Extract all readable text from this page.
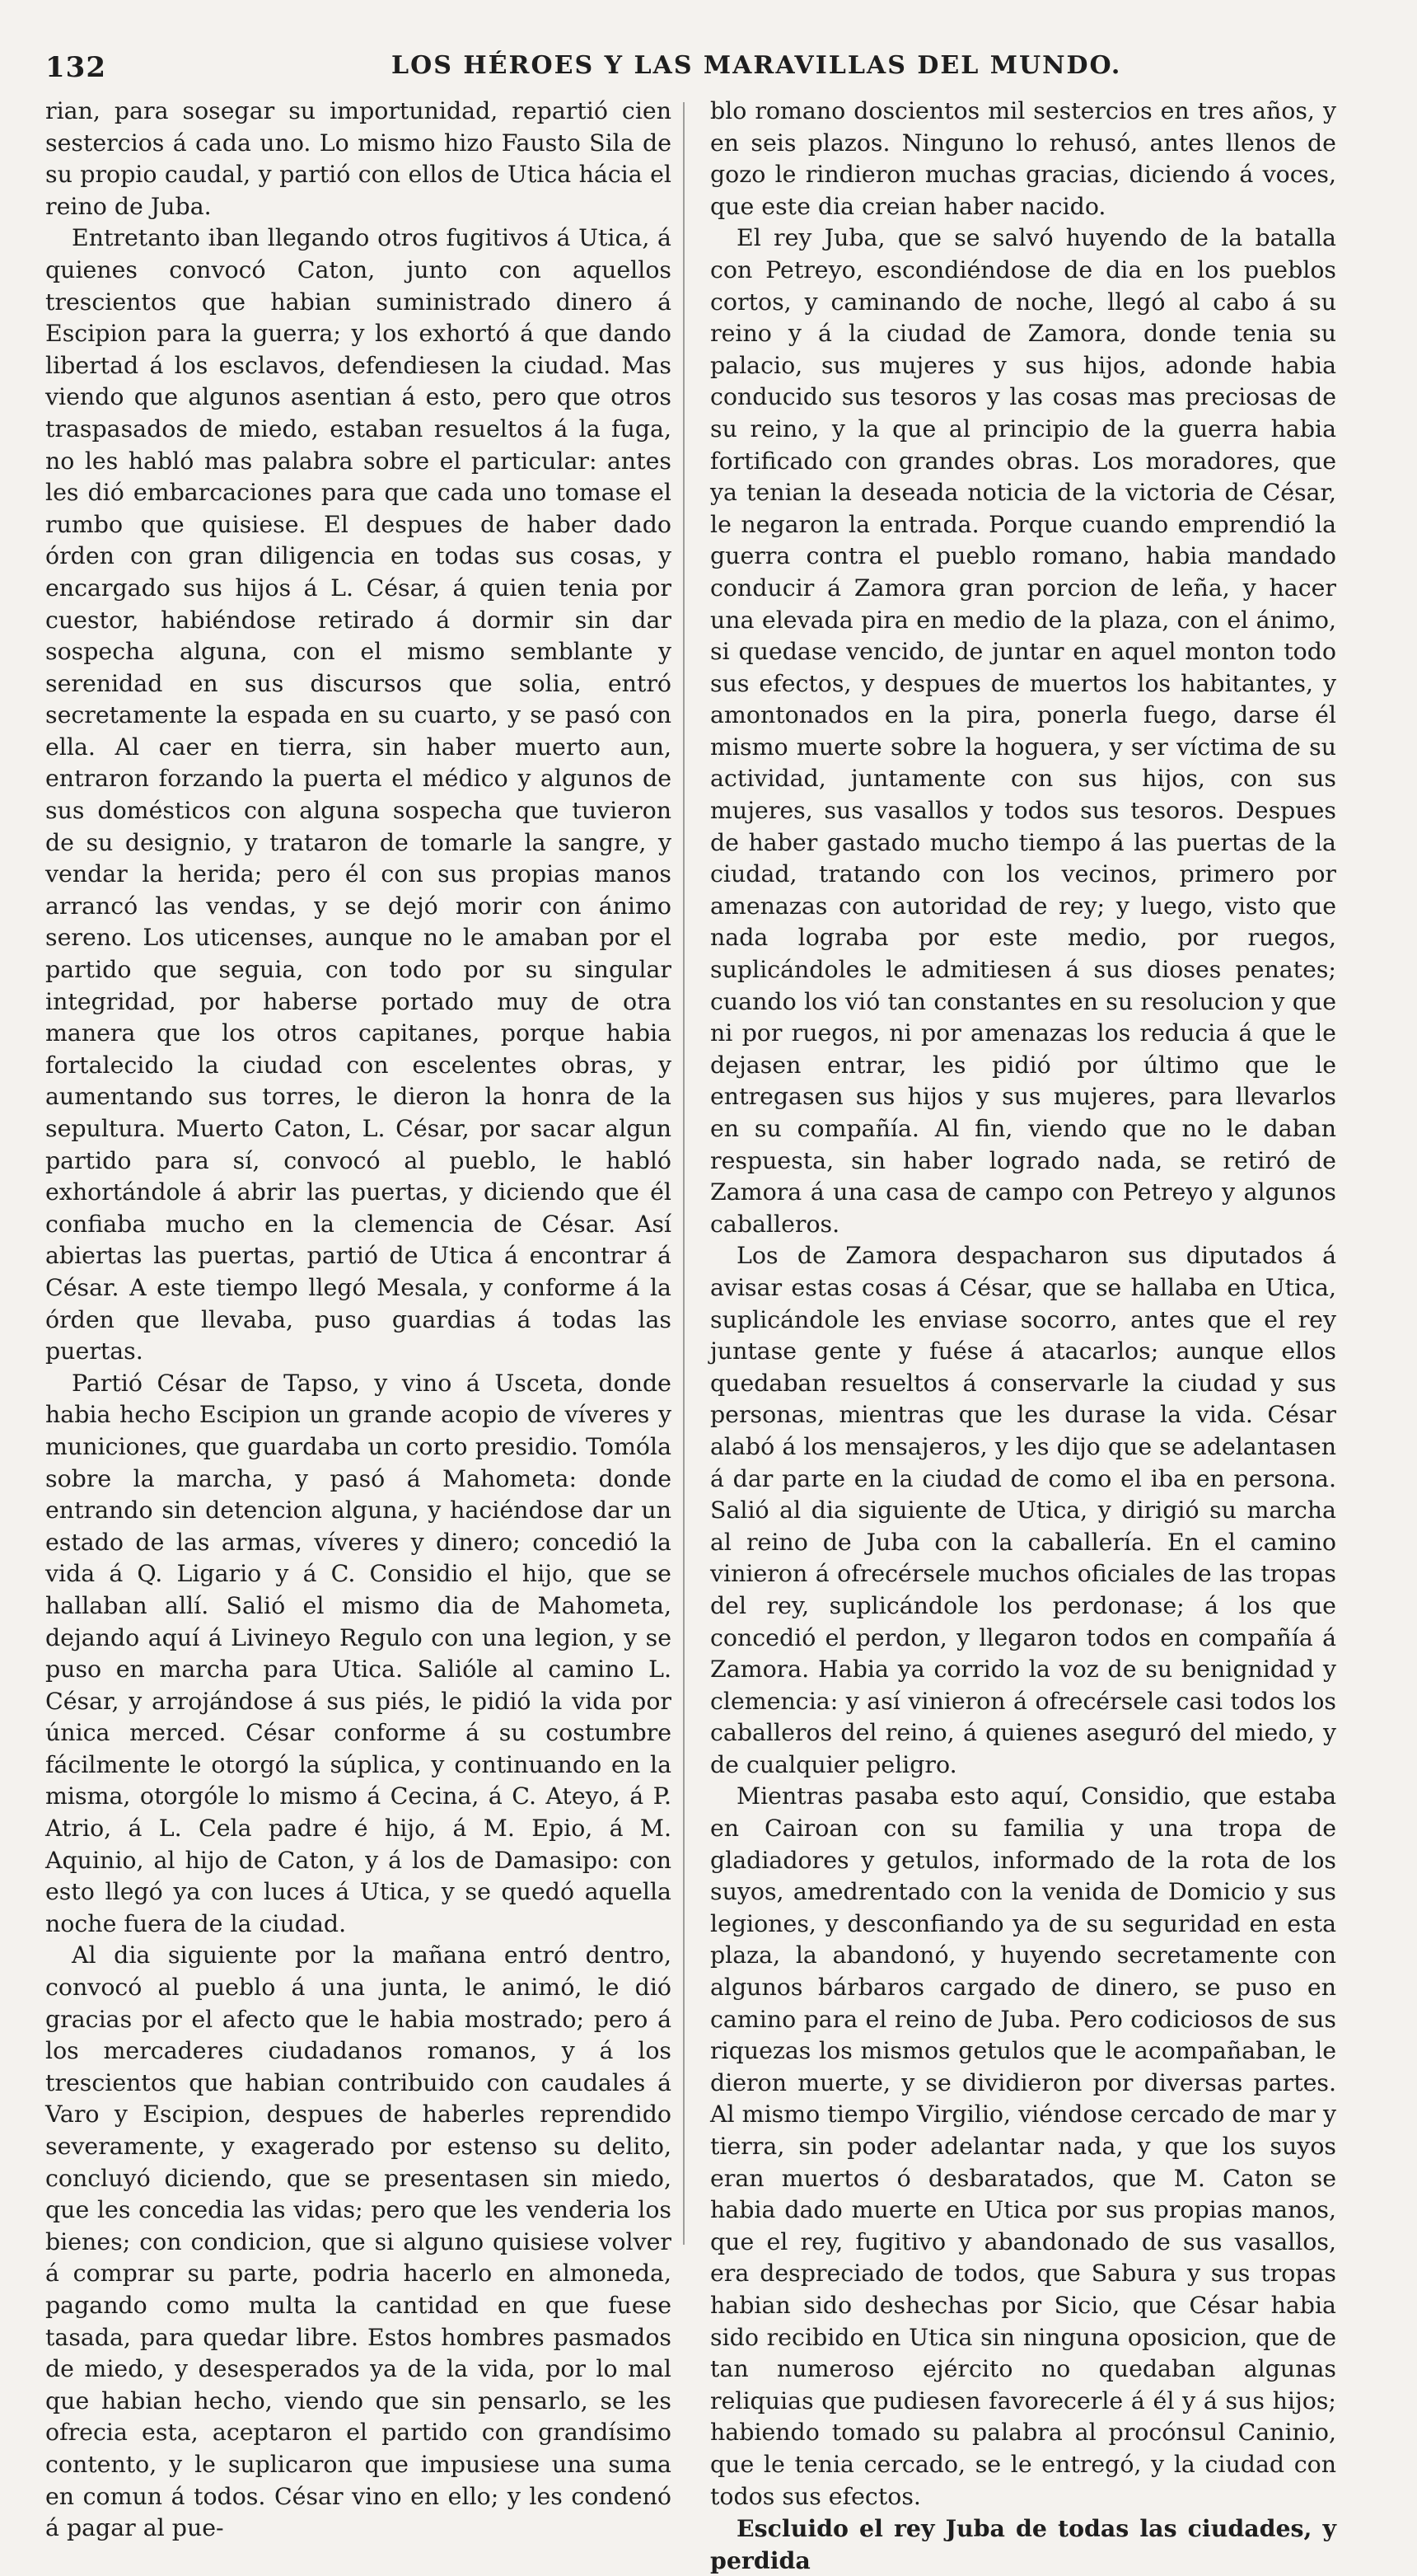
132	LOS HÉROES Y LAS MARAVILLAS DEL MUNDO.

rian, para sosegar su importunidad, repartió cien sestercios á cada uno. Lo mismo hizo Fausto Sila de su propio caudal, y partió con ellos de Utica hácia el reino de Juba.

Entretanto iban llegando otros fugitivos á Utica, á quienes convocó Caton, junto con aquellos trescientos que habian suministrado dinero á Escipion para la guerra; y los exhortó á que dando libertad á los esclavos, defendiesen la ciudad. Mas viendo que algunos asentian á esto, pero que otros traspasados de miedo, estaban resueltos á la fuga, no les habló mas palabra sobre el particular: antes les dió embarcaciones para que cada uno tomase el rumbo que quisiese. El despues de haber dado órden con gran diligencia en todas sus cosas, y encargado sus hijos á L. César, á quien tenia por cuestor, habiéndose retirado á dormir sin dar sospecha alguna, con el mismo semblante y serenidad en sus discursos que solia, entró secretamente la espada en su cuarto, y se pasó con ella. Al caer en tierra, sin haber muerto aun, entraron forzando la puerta el médico y algunos de sus domésticos con alguna sospecha que tuvieron de su designio, y trataron de tomarle la sangre, y vendar la herida; pero él con sus propias manos arrancó las vendas, y se dejó morir con ánimo sereno. Los uticenses, aunque no le amaban por el partido que seguia, con todo por su singular integridad, por haberse portado muy de otra manera que los otros capitanes, porque habia fortalecido la ciudad con escelentes obras, y aumentando sus torres, le dieron la honra de la sepultura. Muerto Caton, L. César, por sacar algun partido para sí, convocó al pueblo, le habló exhortándole á abrir las puertas, y diciendo que él confiaba mucho en la clemencia de César. Así abiertas las puertas, partió de Utica á encontrar á César. A este tiempo llegó Mesala, y conforme á la órden que llevaba, puso guardias á todas las puertas.

Partió César de Tapso, y vino á Usceta, donde habia hecho Escipion un grande acopio de víveres y municiones, que guardaba un corto presidio. Tomóla sobre la marcha, y pasó á Mahometa: donde entrando sin detencion alguna, y haciéndose dar un estado de las armas, víveres y dinero; concedió la vida á Q. Ligario y á C. Considio el hijo, que se hallaban allí. Salió el mismo dia de Mahometa, dejando aquí á Livineyo Regulo con una legion, y se puso en marcha para Utica. Salióle al camino L. César, y arrojándose á sus piés, le pidió la vida por única merced. César conforme á su costumbre fácilmente le otorgó la súplica, y continuando en la misma, otorgóle lo mismo á Cecina, á C. Ateyo, á P. Atrio, á L. Cela padre é hijo, á M. Epio, á M. Aquinio, al hijo de Caton, y á los de Damasipo: con esto llegó ya con luces á Utica, y se quedó aquella noche fuera de la ciudad.

Al dia siguiente por la mañana entró dentro, convocó al pueblo á una junta, le animó, le dió gracias por el afecto que le habia mostrado; pero á los mercaderes ciudadanos romanos, y á los trescientos que habian contribuido con caudales á Varo y Escipion, despues de haberles reprendido severamente, y exagerado por estenso su delito, concluyó diciendo, que se presentasen sin miedo, que les concedia las vidas; pero que les venderia los bienes; con condicion, que si alguno quisiese volver á comprar su parte, podria hacerlo en almoneda, pagando como multa la cantidad en que fuese tasada, para quedar libre. Estos hombres pasmados de miedo, y desesperados ya de la vida, por lo mal que habian hecho, viendo que sin pensarlo, se les ofrecia esta, aceptaron el partido con grandísimo contento, y le suplicaron que impusiese una suma en comun á todos. César vino en ello; y les condenó á pagar al pue-

blo romano doscientos mil sestercios en tres años, y en seis plazos. Ninguno lo rehusó, antes llenos de gozo le rindieron muchas gracias, diciendo á voces, que este dia creian haber nacido.

El rey Juba, que se salvó huyendo de la batalla con Petreyo, escondiéndose de dia en los pueblos cortos, y caminando de noche, llegó al cabo á su reino y á la ciudad de Zamora, donde tenia su palacio, sus mujeres y sus hijos, adonde habia conducido sus tesoros y las cosas mas preciosas de su reino, y la que al principio de la guerra habia fortificado con grandes obras. Los moradores, que ya tenian la deseada noticia de la victoria de César, le negaron la entrada. Porque cuando emprendió la guerra contra el pueblo romano, habia mandado conducir á Zamora gran porcion de leña, y hacer una elevada pira en medio de la plaza, con el ánimo, si quedase vencido, de juntar en aquel monton todo sus efectos, y despues de muertos los habitantes, y amontonados en la pira, ponerla fuego, darse él mismo muerte sobre la hoguera, y ser víctima de su actividad, juntamente con sus hijos, con sus mujeres, sus vasallos y todos sus tesoros. Despues de haber gastado mucho tiempo á las puertas de la ciudad, tratando con los vecinos, primero por amenazas con autoridad de rey; y luego, visto que nada lograba por este medio, por ruegos, suplicándoles le admitiesen á sus dioses penates; cuando los vió tan constantes en su resolucion y que ni por ruegos, ni por amenazas los reducia á que le dejasen entrar, les pidió por último que le entregasen sus hijos y sus mujeres, para llevarlos en su compañía. Al fin, viendo que no le daban respuesta, sin haber logrado nada, se retiró de Zamora á una casa de campo con Petreyo y algunos caballeros.

Los de Zamora despacharon sus diputados á avisar estas cosas á César, que se hallaba en Utica, suplicándole les enviase socorro, antes que el rey juntase gente y fuése á atacarlos; aunque ellos quedaban resueltos á conservarle la ciudad y sus personas, mientras que les durase la vida. César alabó á los mensajeros, y les dijo que se adelantasen á dar parte en la ciudad de como el iba en persona. Salió al dia siguiente de Utica, y dirigió su marcha al reino de Juba con la caballería. En el camino vinieron á ofrecérsele muchos oficiales de las tropas del rey, suplicándole los perdonase; á los que concedió el perdon, y llegaron todos en compañía á Zamora. Habia ya corrido la voz de su benignidad y clemencia: y así vinieron á ofrecérsele casi todos los caballeros del reino, á quienes aseguró del miedo, y de cualquier peligro.

Mientras pasaba esto aquí, Considio, que estaba en Cairoan con su familia y una tropa de gladiadores y getulos, informado de la rota de los suyos, amedrentado con la venida de Domicio y sus legiones, y desconfiando ya de su seguridad en esta plaza, la abandonó, y huyendo secretamente con algunos bárbaros cargado de dinero, se puso en camino para el reino de Juba. Pero codiciosos de sus riquezas los mismos getulos que le acompañaban, le dieron muerte, y se dividieron por diversas partes. Al mismo tiempo Virgilio, viéndose cercado de mar y tierra, sin poder adelantar nada, y que los suyos eran muertos ó desbaratados, que M. Caton se habia dado muerte en Utica por sus propias manos, que el rey, fugitivo y abandonado de sus vasallos, era despreciado de todos, que Sabura y sus tropas habian sido deshechas por Sicio, que César habia sido recibido en Utica sin ninguna oposicion, que de tan numeroso ejército no quedaban algunas reliquias que pudiesen favorecerle á él y á sus hijos; habiendo tomado su palabra al procónsul Caninio, que le tenia cercado, se le entregó, y la ciudad con todos sus efectos.

Escluido el rey Juba de todas las ciudades, y perdida
